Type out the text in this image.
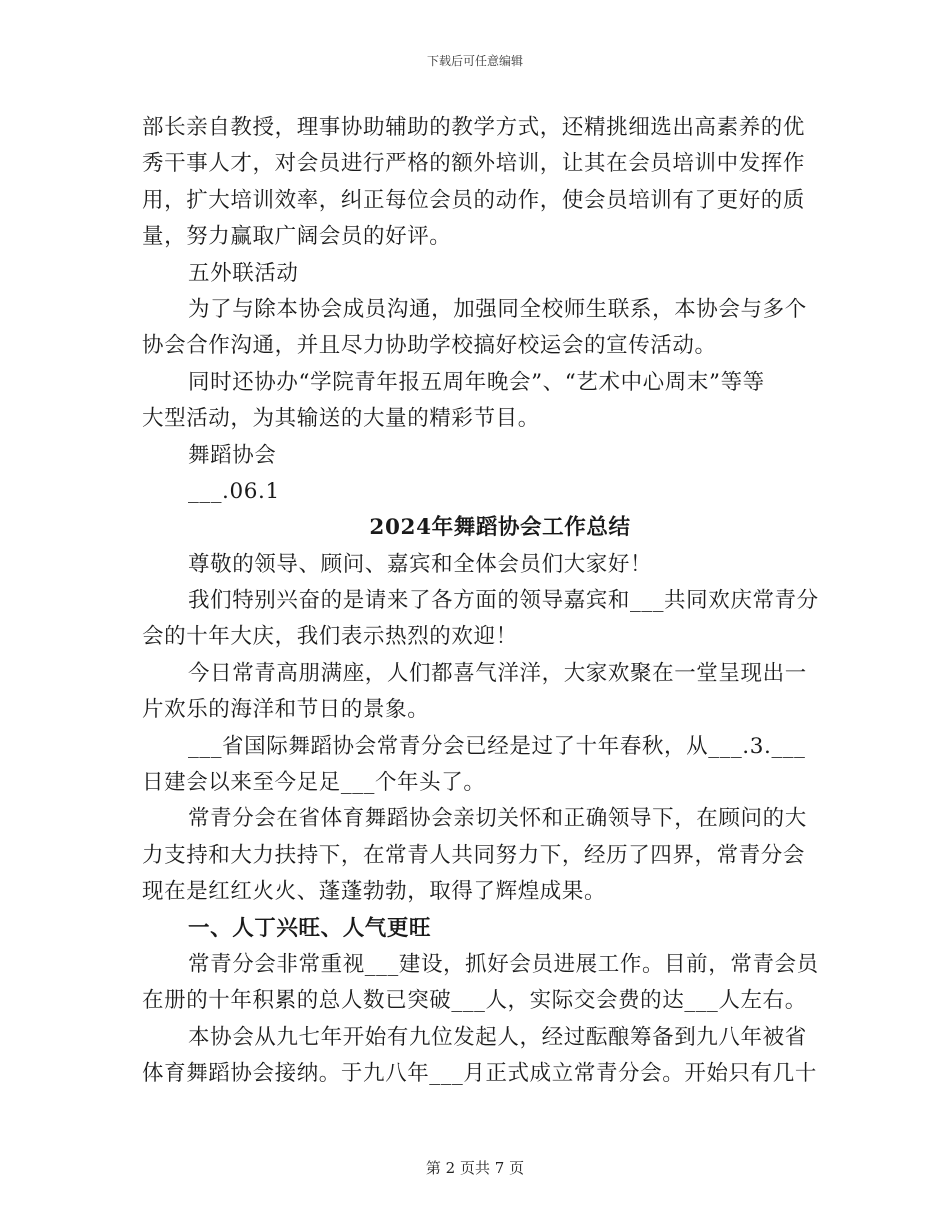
下载后可任意编辑
部长亲自教授，理事协助辅助的教学方式，还精挑细选出高素养的优
秀干事人才，对会员进行严格的额外培训，让其在会员培训中发挥作
用，扩大培训效率，纠正每位会员的动作，使会员培训有了更好的质
量，努力赢取广阔会员的好评。
五外联活动
为了与除本协会成员沟通，加强同全校师生联系，本协会与多个
协会合作沟通，并且尽力协助学校搞好校运会的宣传活动。
同时还协办“学院青年报五周年晚会”、“艺术中心周末”等等
大型活动，为其输送的大量的精彩节目。
舞蹈协会
___.06.1
2024年舞蹈协会工作总结
尊敬的领导、顾问、嘉宾和全体会员们大家好！
我们特别兴奋的是请来了各方面的领导嘉宾和___共同欢庆常青分
会的十年大庆，我们表示热烈的欢迎！
今日常青高朋满座，人们都喜气洋洋，大家欢聚在一堂呈现出一
片欢乐的海洋和节日的景象。
___省国际舞蹈协会常青分会已经是过了十年春秋，从___.3.___
日建会以来至今足足___个年头了。
常青分会在省体育舞蹈协会亲切关怀和正确领导下，在顾问的大
力支持和大力扶持下，在常青人共同努力下，经历了四界，常青分会
现在是红红火火、蓬蓬勃勃，取得了辉煌成果。
一、人丁兴旺、人气更旺
常青分会非常重视___建设，抓好会员进展工作。目前，常青会员
在册的十年积累的总人数已突破___人，实际交会费的达___人左右。
本协会从九七年开始有九位发起人，经过酝酿筹备到九八年被省
体育舞蹈协会接纳。于九八年___月正式成立常青分会。开始只有几十
第 2 页共 7 页
